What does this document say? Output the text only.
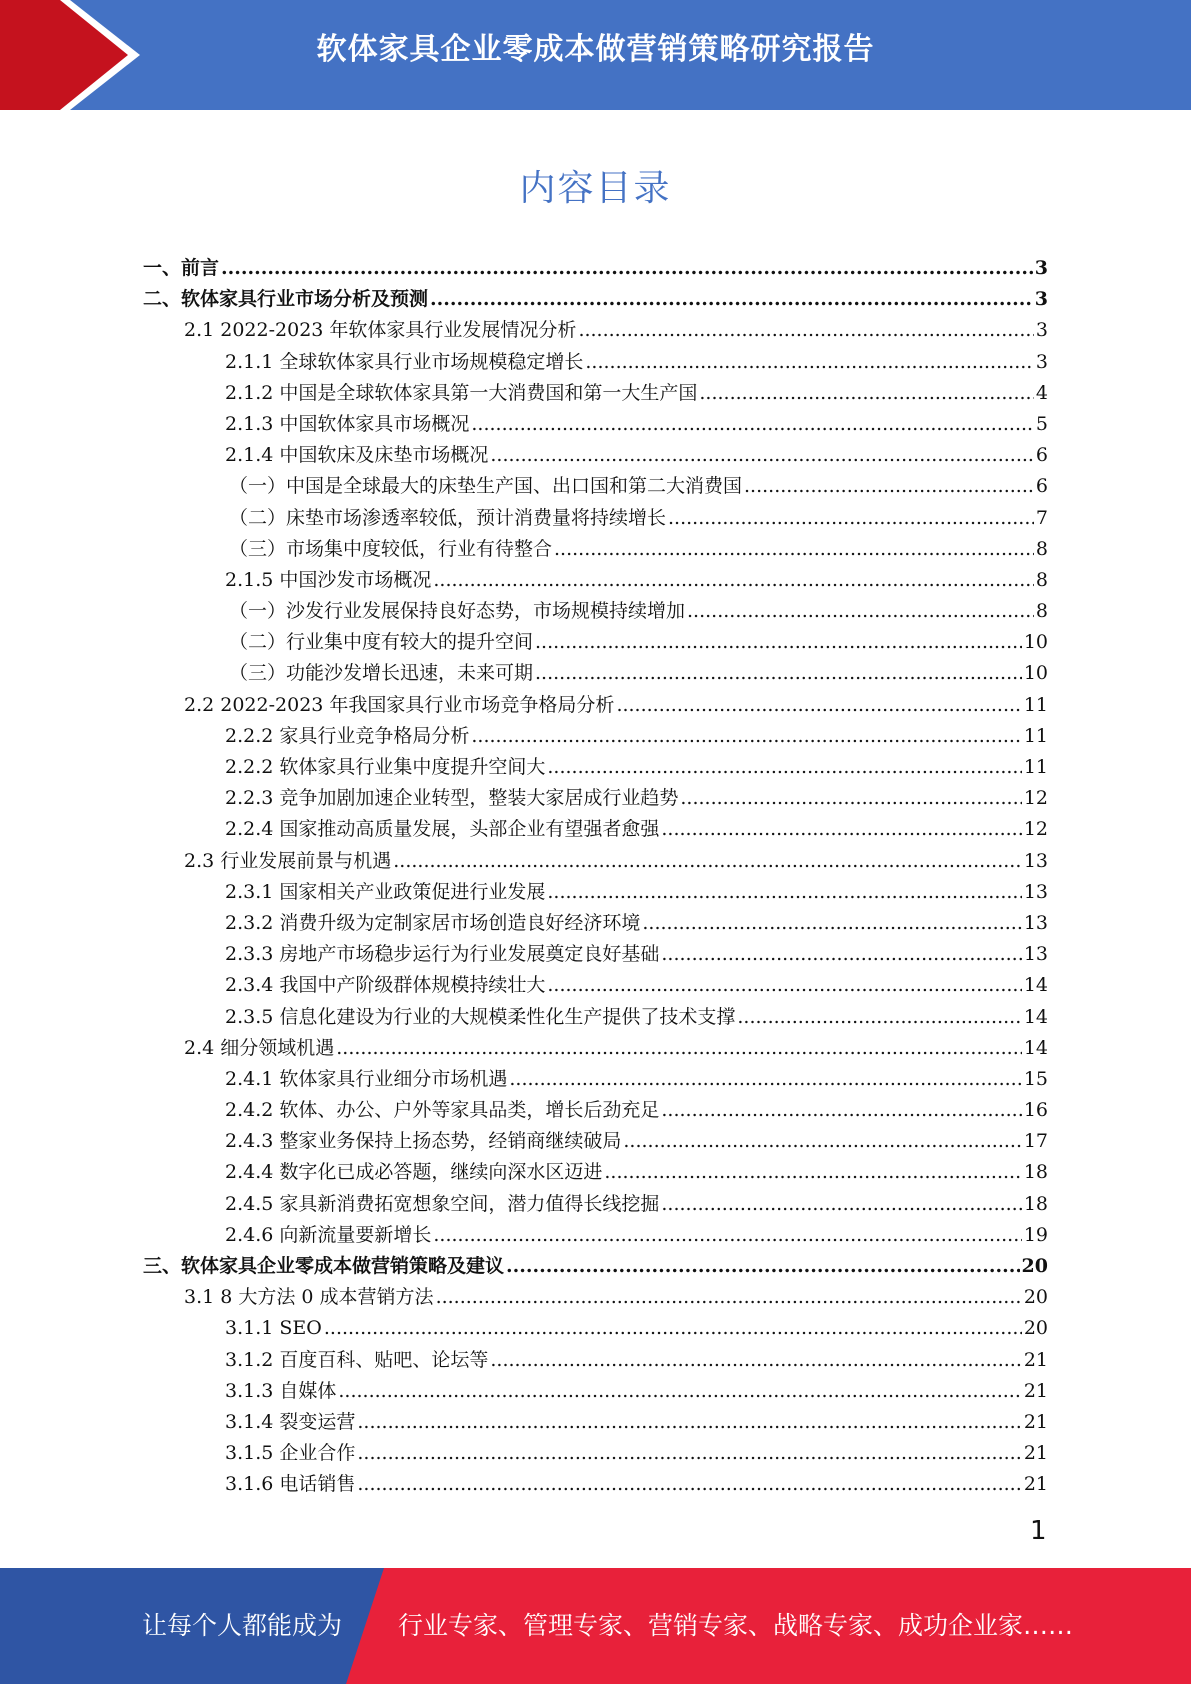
软体家具企业零成本做营销策略研究报告
内容目录
一、前言 .....	3
二、软体家具行业市场分析及预测 .....	3
2.1 2022-2023 年软体家具行业发展情况分析 .....	3
2.1.1 全球软体家具行业市场规模稳定增长 .....	3
2.1.2 中国是全球软体家具第一大消费国和第一大生产国 .....	4
2.1.3 中国软体家具市场概况 .....	5
2.1.4 中国软床及床垫市场概况 .....	6
（一）中国是全球最大的床垫生产国、出口国和第二大消费国 .....	6
（二）床垫市场渗透率较低，预计消费量将持续增长 .....	7
（三）市场集中度较低，行业有待整合 .....	8
2.1.5 中国沙发市场概况 .....	8
（一）沙发行业发展保持良好态势，市场规模持续增加 .....	8
（二）行业集中度有较大的提升空间 .....	10
（三）功能沙发增长迅速，未来可期 .....	10
2.2 2022-2023 年我国家具行业市场竞争格局分析 .....	11
2.2.2 家具行业竞争格局分析 .....	11
2.2.2 软体家具行业集中度提升空间大 .....	11
2.2.3 竞争加剧加速企业转型，整装大家居成行业趋势 .....	12
2.2.4 国家推动高质量发展，头部企业有望强者愈强 .....	12
2.3 行业发展前景与机遇 .....	13
2.3.1 国家相关产业政策促进行业发展 .....	13
2.3.2 消费升级为定制家居市场创造良好经济环境 .....	13
2.3.3 房地产市场稳步运行为行业发展奠定良好基础 .....	13
2.3.4 我国中产阶级群体规模持续壮大 .....	14
2.3.5 信息化建设为行业的大规模柔性化生产提供了技术支撑 .....	14
2.4 细分领域机遇 .....	14
2.4.1 软体家具行业细分市场机遇 .....	15
2.4.2 软体、办公、户外等家具品类，增长后劲充足 .....	16
2.4.3 整家业务保持上扬态势，经销商继续破局 .....	17
2.4.4 数字化已成必答题，继续向深水区迈进 .....	18
2.4.5 家具新消费拓宽想象空间，潜力值得长线挖掘 .....	18
2.4.6 向新流量要新增长 .....	19
三、软体家具企业零成本做营销策略及建议 .....	20
3.1 8 大方法 0 成本营销方法 .....	20
3.1.1 SEO .....	20
3.1.2 百度百科、贴吧、论坛等 .....	21
3.1.3 自媒体 .....	21
3.1.4 裂变运营 .....	21
3.1.5 企业合作 .....	21
3.1.6 电话销售 .....	21
1
让每个人都能成为 行业专家、管理专家、营销专家、战略专家、成功企业家……
